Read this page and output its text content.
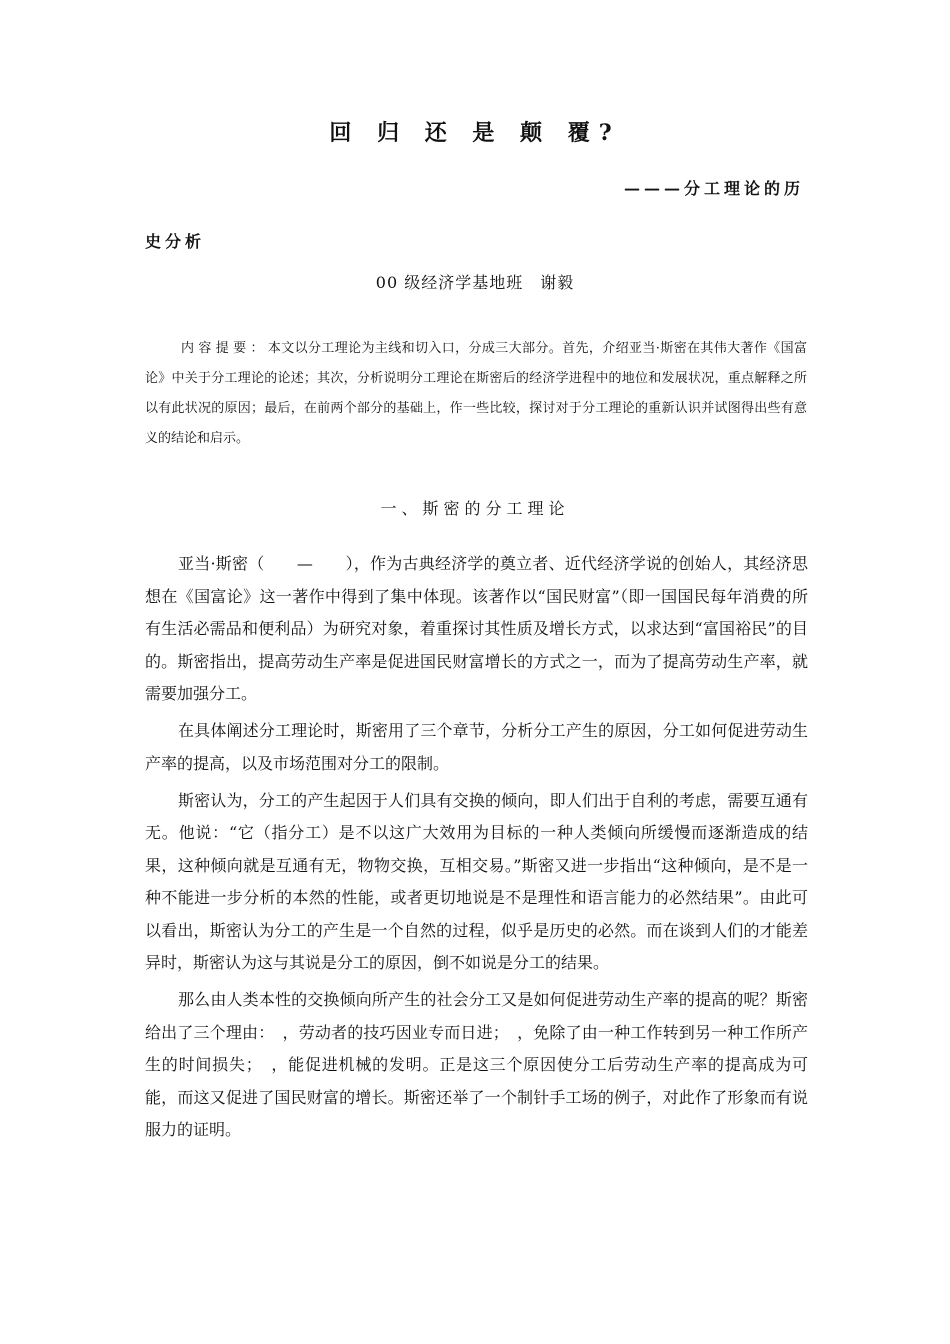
回 归 还 是 颠 覆?
———分工理论的历
史分析
00 级经济学基地班　谢毅
内容提要：本文以分工理论为主线和切入口，分成三大部分。首先，介绍亚当·斯密在其伟大著作《国富论》中关于分工理论的论述；其次，分析说明分工理论在斯密后的经济学进程中的地位和发展状况，重点解释之所以有此状况的原因；最后，在前两个部分的基础上，作一些比较，探讨对于分工理论的重新认识并试图得出些有意义的结论和启示。
一、斯密的分工理论

亚当·斯密（　　—　　），作为古典经济学的奠立者、近代经济学说的创始人，其经济思想在《国富论》这一著作中得到了集中体现。该著作以“国民财富”（即一国国民每年消费的所有生活必需品和便利品）为研究对象，着重探讨其性质及增长方式，以求达到“富国裕民”的目的。斯密指出，提高劳动生产率是促进国民财富增长的方式之一，而为了提高劳动生产率，就需要加强分工。

在具体阐述分工理论时，斯密用了三个章节，分析分工产生的原因，分工如何促进劳动生产率的提高，以及市场范围对分工的限制。

斯密认为，分工的产生起因于人们具有交换的倾向，即人们出于自利的考虑，需要互通有无。他说：“它（指分工）是不以这广大效用为目标的一种人类倾向所缓慢而逐渐造成的结果，这种倾向就是互通有无，物物交换，互相交易。”斯密又进一步指出“这种倾向，是不是一种不能进一步分析的本然的性能，或者更切地说是不是理性和语言能力的必然结果”。由此可以看出，斯密认为分工的产生是一个自然的过程，似乎是历史的必然。而在谈到人们的才能差异时，斯密认为这与其说是分工的原因，倒不如说是分工的结果。

那么由人类本性的交换倾向所产生的社会分工又是如何促进劳动生产率的提高的呢？斯密给出了三个理由：　，劳动者的技巧因业专而日进；　，免除了由一种工作转到另一种工作所产生的时间损失；　，能促进机械的发明。正是这三个原因使分工后劳动生产率的提高成为可能，而这又促进了国民财富的增长。斯密还举了一个制针手工场的例子，对此作了形象而有说服力的证明。
